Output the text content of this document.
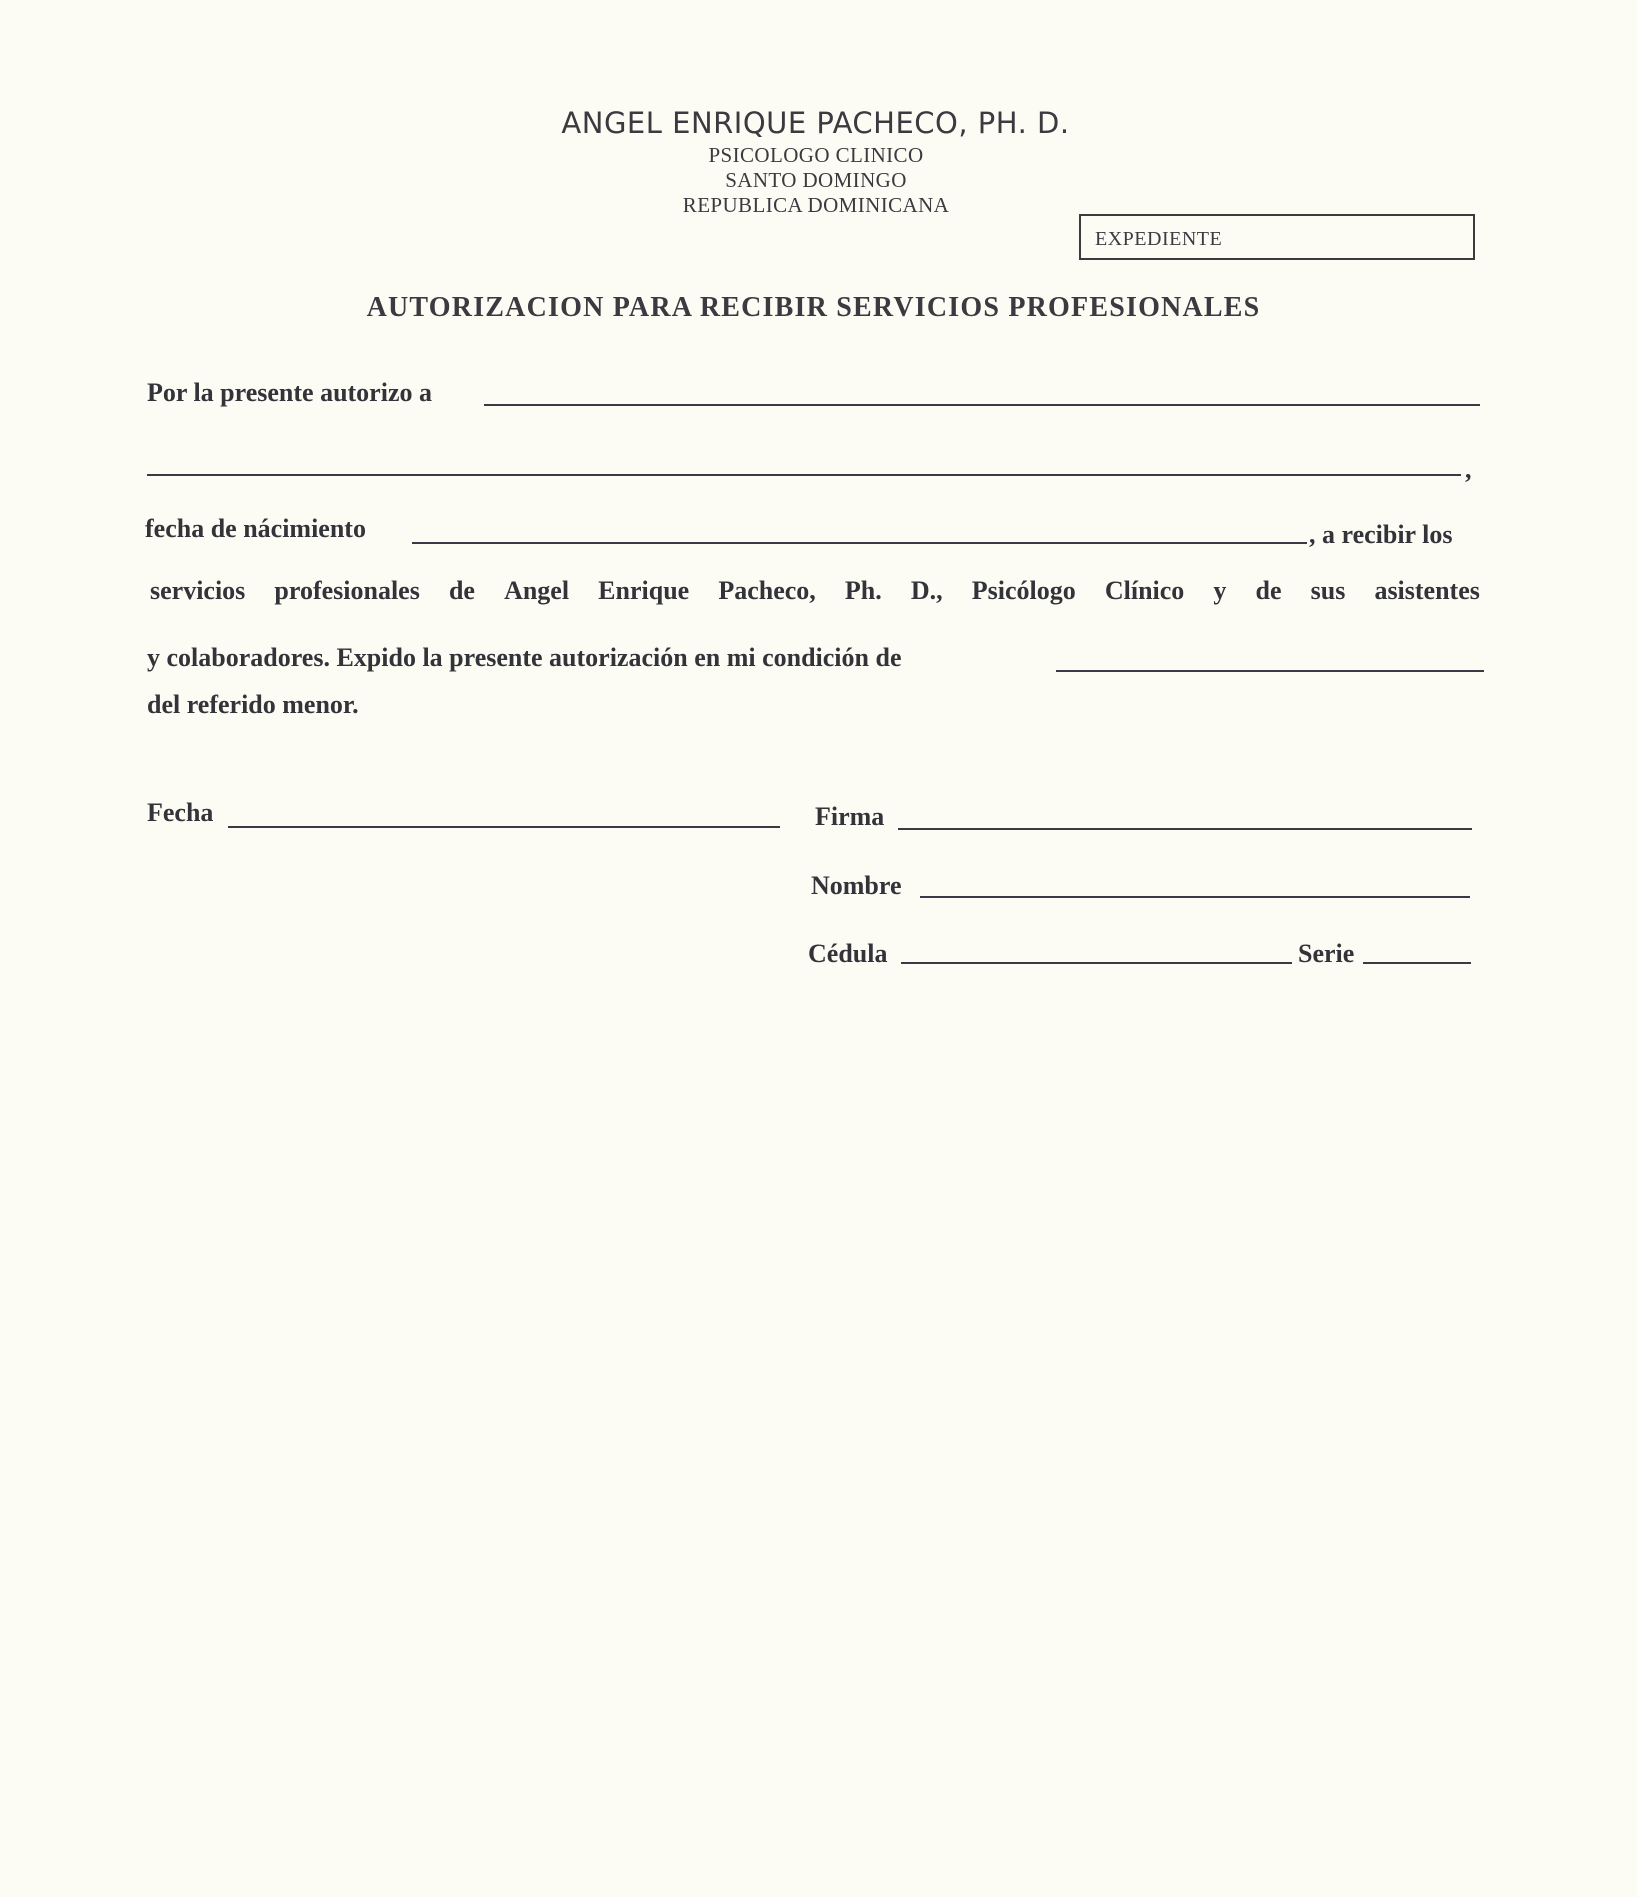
ANGEL ENRIQUE PACHECO, PH. D.
PSICOLOGO CLINICO
SANTO DOMINGO
REPUBLICA DOMINICANA
EXPEDIENTE
AUTORIZACION PARA RECIBIR SERVICIOS PROFESIONALES
Por la presente autorizo a
,
fecha de nácimiento	, a recibir los
servicios profesionales de Angel Enrique Pacheco, Ph. D., Psicólogo Clínico y de sus asistentes
y colaboradores. Expido la presente autorización en mi condición de
del referido menor.
Fecha	Firma
Nombre
Cédula	Serie
